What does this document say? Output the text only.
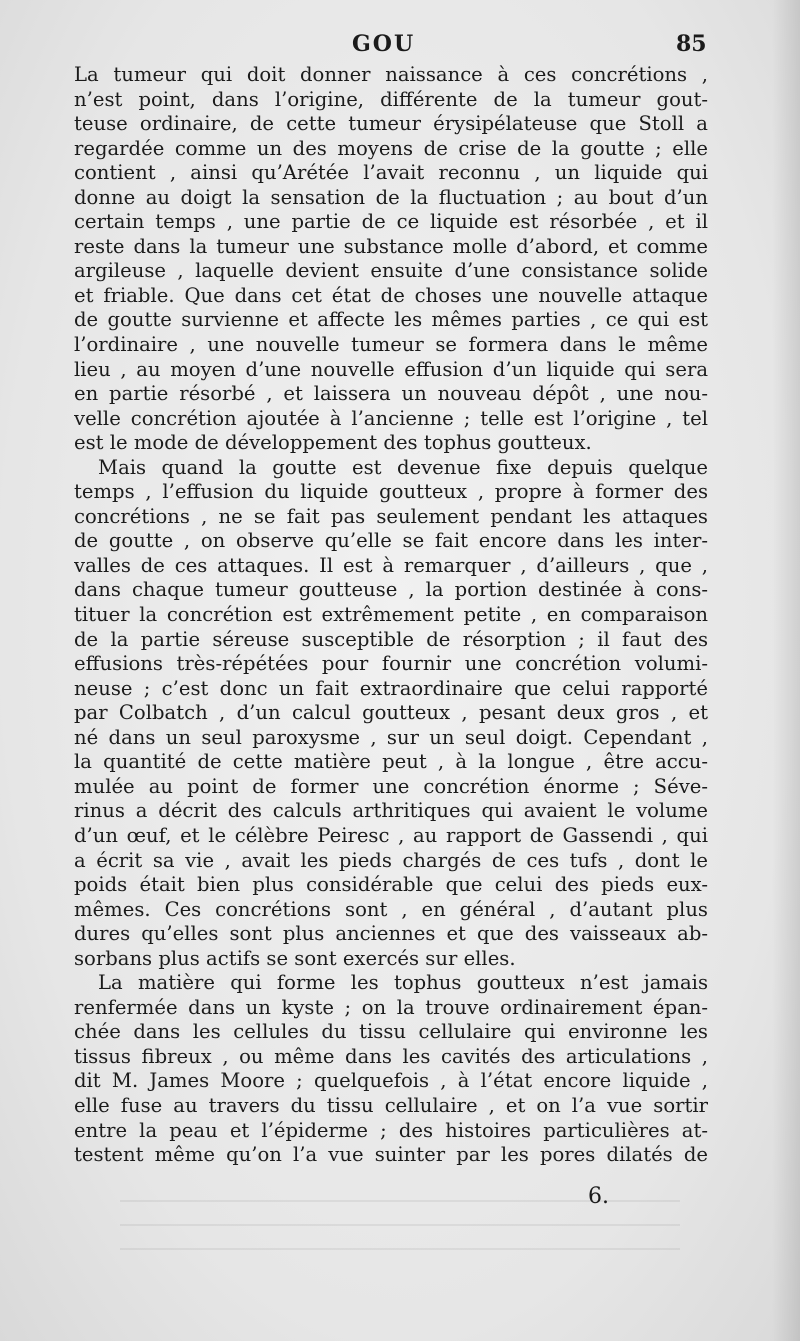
GOU	85
La tumeur qui doit donner naissance à ces concrétions ,
n’est point, dans l’origine, différente de la tumeur gout-
teuse ordinaire, de cette tumeur érysipélateuse que Stoll a
regardée comme un des moyens de crise de la goutte ; elle
contient , ainsi qu’Arétée l’avait reconnu , un liquide qui
donne au doigt la sensation de la fluctuation ; au bout d’un
certain temps , une partie de ce liquide est résorbée , et il
reste dans la tumeur une substance molle d’abord, et comme
argileuse , laquelle devient ensuite d’une consistance solide
et friable. Que dans cet état de choses une nouvelle attaque
de goutte survienne et affecte les mêmes parties , ce qui est
l’ordinaire , une nouvelle tumeur se formera dans le même
lieu , au moyen d’une nouvelle effusion d’un liquide qui sera
en partie résorbé , et laissera un nouveau dépôt , une nou-
velle concrétion ajoutée à l’ancienne ; telle est l’origine , tel
est le mode de développement des tophus goutteux.
Mais quand la goutte est devenue fixe depuis quelque
temps , l’effusion du liquide goutteux , propre à former des
concrétions , ne se fait pas seulement pendant les attaques
de goutte , on observe qu’elle se fait encore dans les inter-
valles de ces attaques. Il est à remarquer , d’ailleurs , que ,
dans chaque tumeur goutteuse , la portion destinée à cons-
tituer la concrétion est extrêmement petite , en comparaison
de la partie séreuse susceptible de résorption ; il faut des
effusions très-répétées pour fournir une concrétion volumi-
neuse ; c’est donc un fait extraordinaire que celui rapporté
par Colbatch , d’un calcul goutteux , pesant deux gros , et
né dans un seul paroxysme , sur un seul doigt. Cependant ,
la quantité de cette matière peut , à la longue , être accu-
mulée au point de former une concrétion énorme ; Séve-
rinus a décrit des calculs arthritiques qui avaient le volume
d’un œuf, et le célèbre Peiresc , au rapport de Gassendi , qui
a écrit sa vie , avait les pieds chargés de ces tufs , dont le
poids était bien plus considérable que celui des pieds eux-
mêmes. Ces concrétions sont , en général , d’autant plus
dures qu’elles sont plus anciennes et que des vaisseaux ab-
sorbans plus actifs se sont exercés sur elles.
La matière qui forme les tophus goutteux n’est jamais
renfermée dans un kyste ; on la trouve ordinairement épan-
chée dans les cellules du tissu cellulaire qui environne les
tissus fibreux , ou même dans les cavités des articulations ,
dit M. James Moore ; quelquefois , à l’état encore liquide ,
elle fuse au travers du tissu cellulaire , et on l’a vue sortir
entre la peau et l’épiderme ; des histoires particulières at-
testent même qu’on l’a vue suinter par les pores dilatés de
6.
